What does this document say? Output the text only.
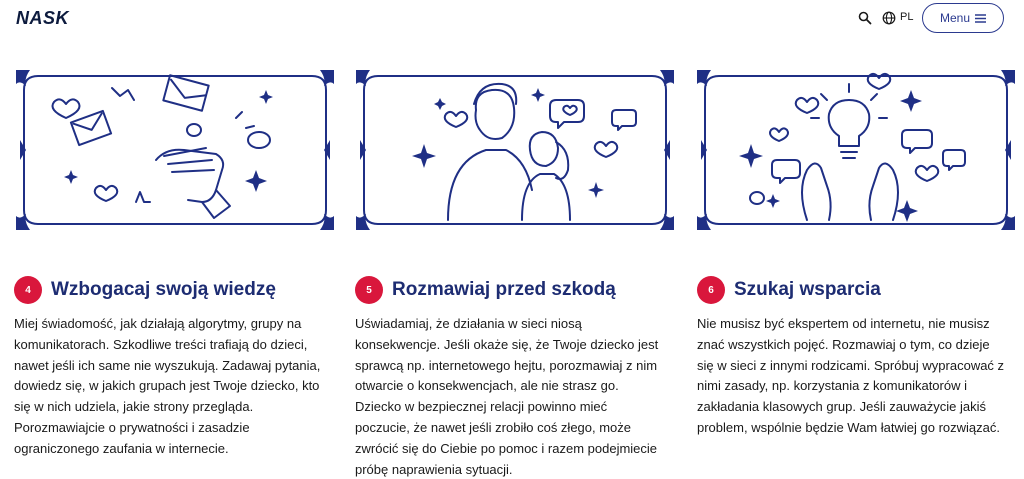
NASK	PL Menu
4	Wzbogacaj swoją wiedzę

Miej świadomość, jak działają algorytmy, grupy na komunikatorach. Szkodliwe treści trafiają do dzieci, nawet jeśli ich same nie wyszukują. Zadawaj pytania, dowiedz się, w jakich grupach jest Twoje dziecko, kto się w nich udziela, jakie strony przegląda. Porozmawiajcie o prywatności i zasadzie ograniczonego zaufania w internecie.

5	Rozmawiaj przed szkodą

Uświadamiaj, że działania w sieci niosą konsekwencje. Jeśli okaże się, że Twoje dziecko jest sprawcą np. internetowego hejtu, porozmawiaj z nim otwarcie o konsekwencjach, ale nie strasz go. Dziecko w bezpiecznej relacji powinno mieć poczucie, że nawet jeśli zrobiło coś złego, może zwrócić się do Ciebie po pomoc i razem podejmiecie próbę naprawienia sytuacji.

6	Szukaj wsparcia

Nie musisz być ekspertem od internetu, nie musisz znać wszystkich pojęć. Rozmawiaj o tym, co dzieje się w sieci z innymi rodzicami. Spróbuj wypracować z nimi zasady, np. korzystania z komunikatorów i zakładania klasowych grup. Jeśli zauważycie jakiś problem, wspólnie będzie Wam łatwiej go rozwiązać.
